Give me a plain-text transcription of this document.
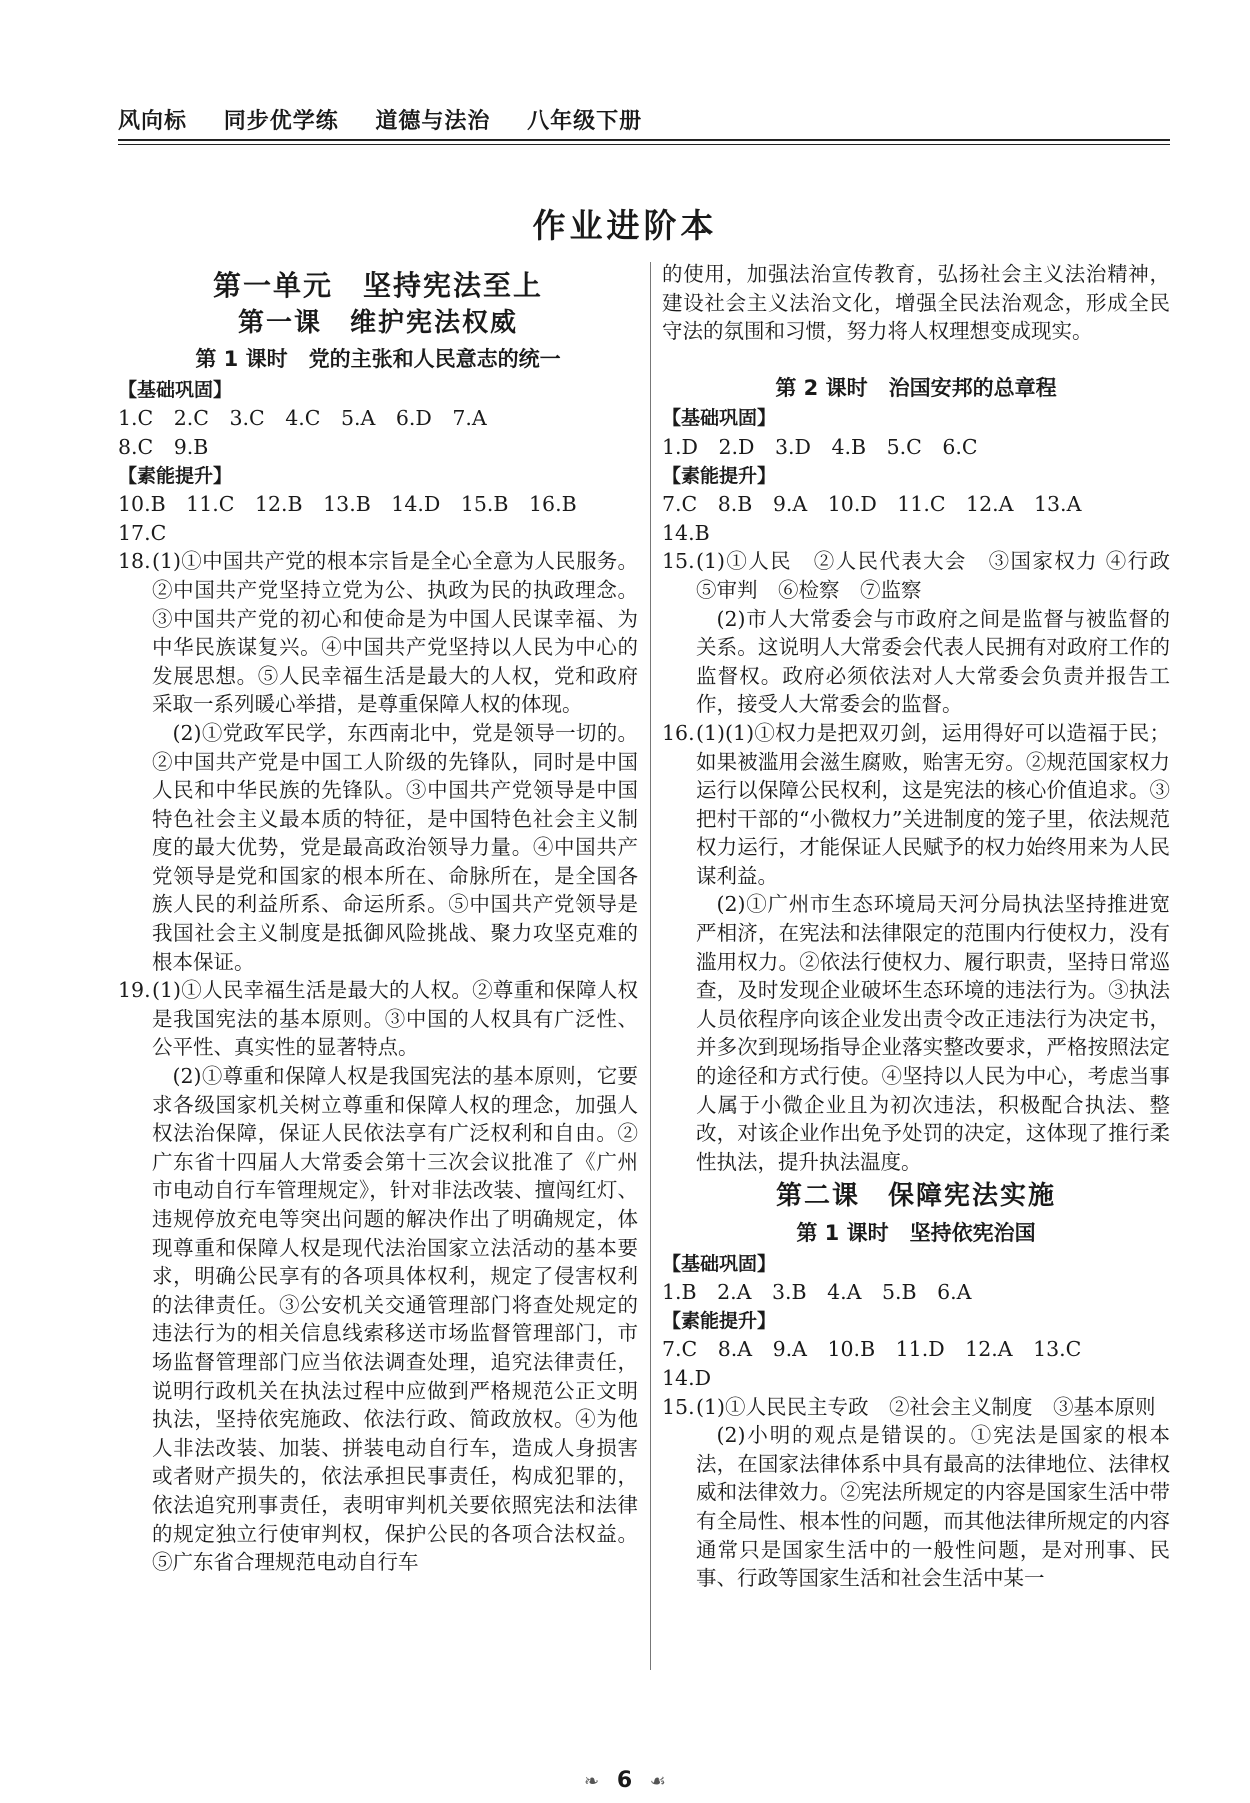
风向标 同步优学练 道德与法治 八年级下册
作业进阶本
第一单元　坚持宪法至上
第一课　维护宪法权威
第 1 课时　党的主张和人民意志的统一
【基础巩固】
1.C　2.C　3.C　4.C　5.A　6.D　7.A
8.C　9.B
【素能提升】
10.B　11.C　12.B　13.B　14.D　15.B　16.B
17.C
18. (1)①中国共产党的根本宗旨是全心全意为人民服务。②中国共产党坚持立党为公、执政为民的执政理念。③中国共产党的初心和使命是为中国人民谋幸福、为中华民族谋复兴。④中国共产党坚持以人民为中心的发展思想。⑤人民幸福生活是最大的人权，党和政府采取一系列暖心举措，是尊重保障人权的体现。
(2)①党政军民学，东西南北中，党是领导一切的。②中国共产党是中国工人阶级的先锋队，同时是中国人民和中华民族的先锋队。③中国共产党领导是中国特色社会主义最本质的特征，是中国特色社会主义制度的最大优势，党是最高政治领导力量。④中国共产党领导是党和国家的根本所在、命脉所在，是全国各族人民的利益所系、命运所系。⑤中国共产党领导是我国社会主义制度是抵御风险挑战、聚力攻坚克难的根本保证。
19. (1)①人民幸福生活是最大的人权。②尊重和保障人权是我国宪法的基本原则。③中国的人权具有广泛性、公平性、真实性的显著特点。
(2)①尊重和保障人权是我国宪法的基本原则，它要求各级国家机关树立尊重和保障人权的理念，加强人权法治保障，保证人民依法享有广泛权利和自由。②广东省十四届人大常委会第十三次会议批准了《广州市电动自行车管理规定》，针对非法改装、擅闯红灯、违规停放充电等突出问题的解决作出了明确规定，体现尊重和保障人权是现代法治国家立法活动的基本要求，明确公民享有的各项具体权利，规定了侵害权利的法律责任。③公安机关交通管理部门将查处规定的违法行为的相关信息线索移送市场监督管理部门，市场监督管理部门应当依法调查处理，追究法律责任，说明行政机关在执法过程中应做到严格规范公正文明执法，坚持依宪施政、依法行政、简政放权。④为他人非法改装、加装、拼装电动自行车，造成人身损害或者财产损失的，依法承担民事责任，构成犯罪的，依法追究刑事责任，表明审判机关要依照宪法和法律的规定独立行使审判权，保护公民的各项合法权益。⑤广东省合理规范电动自行车
的使用，加强法治宣传教育，弘扬社会主义法治精神，建设社会主义法治文化，增强全民法治观念，形成全民守法的氛围和习惯，努力将人权理想变成现实。
第 2 课时　治国安邦的总章程
【基础巩固】
1.D　2.D　3.D　4.B　5.C　6.C
【素能提升】
7.C　8.B　9.A　10.D　11.C　12.A　13.A
14.B
15. (1)①人民　②人民代表大会　③国家权力 ④行政　⑤审判　⑥检察　⑦监察
(2)市人大常委会与市政府之间是监督与被监督的关系。这说明人大常委会代表人民拥有对政府工作的监督权。政府必须依法对人大常委会负责并报告工作，接受人大常委会的监督。
16. (1)(1)①权力是把双刃剑，运用得好可以造福于民；如果被滥用会滋生腐败，贻害无穷。②规范国家权力运行以保障公民权利，这是宪法的核心价值追求。③把村干部的“小微权力”关进制度的笼子里，依法规范权力运行，才能保证人民赋予的权力始终用来为人民谋利益。
(2)①广州市生态环境局天河分局执法坚持推进宽严相济，在宪法和法律限定的范围内行使权力，没有滥用权力。②依法行使权力、履行职责，坚持日常巡查，及时发现企业破坏生态环境的违法行为。③执法人员依程序向该企业发出责令改正违法行为决定书，并多次到现场指导企业落实整改要求，严格按照法定的途径和方式行使。④坚持以人民为中心，考虑当事人属于小微企业且为初次违法，积极配合执法、整改，对该企业作出免予处罚的决定，这体现了推行柔性执法，提升执法温度。
第二课　保障宪法实施
第 1 课时　坚持依宪治国
【基础巩固】
1.B　2.A　3.B　4.A　5.B　6.A
【素能提升】
7.C　8.A　9.A　10.B　11.D　12.A　13.C
14.D
15. (1)①人民民主专政　②社会主义制度　③基本原则
(2)小明的观点是错误的。①宪法是国家的根本法，在国家法律体系中具有最高的法律地位、法律权威和法律效力。②宪法所规定的内容是国家生活中带有全局性、根本性的问题，而其他法律所规定的内容通常只是国家生活中的一般性问题，是对刑事、民事、行政等国家生活和社会生活中某一
❧ 6 ☙
